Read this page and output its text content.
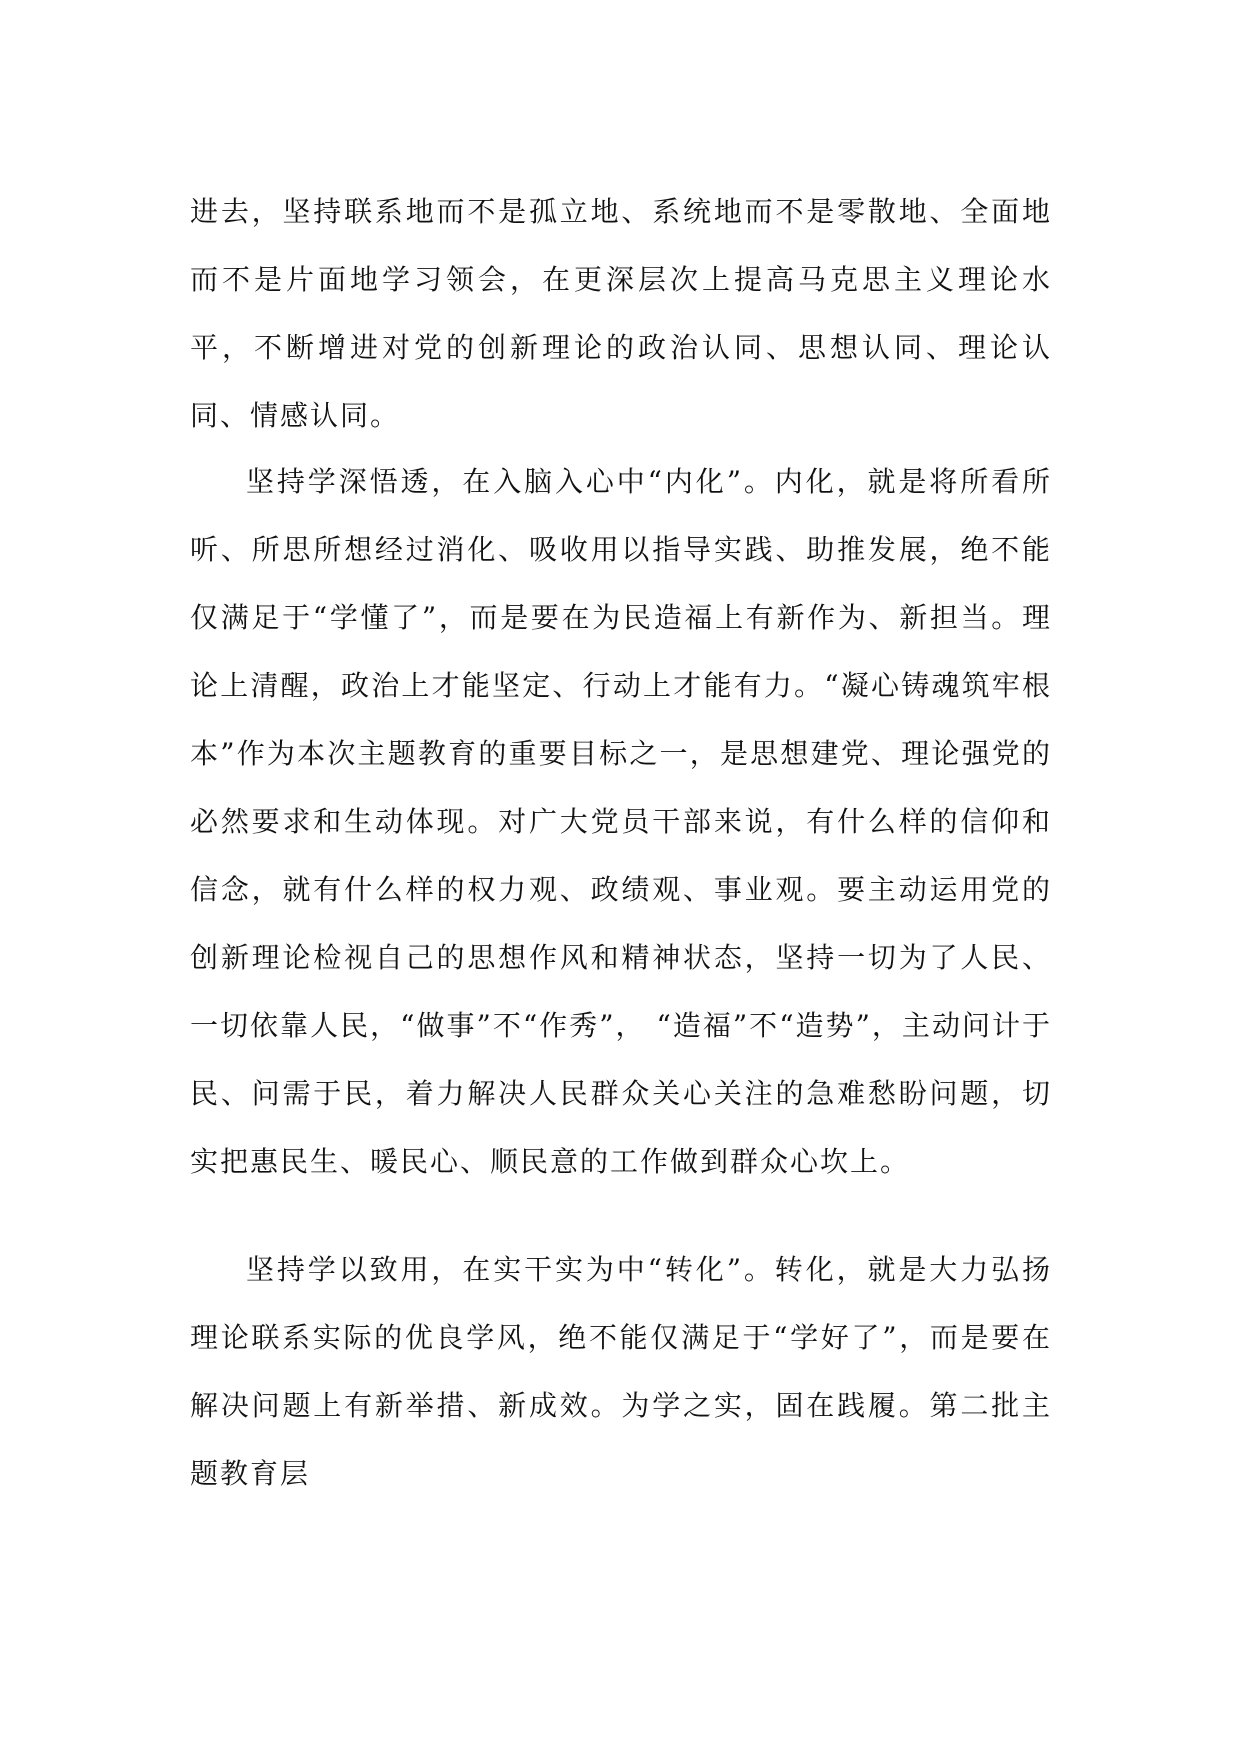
进去，坚持联系地而不是孤立地、系统地而不是零散地、全面地而不是片面地学习领会，在更深层次上提高马克思主义理论水平，不断增进对党的创新理论的政治认同、思想认同、理论认同、情感认同。

坚持学深悟透，在入脑入心中“内化”。内化，就是将所看所听、所思所想经过消化、吸收用以指导实践、助推发展，绝不能仅满足于“学懂了”，而是要在为民造福上有新作为、新担当。理论上清醒，政治上才能坚定、行动上才能有力。“凝心铸魂筑牢根本”作为本次主题教育的重要目标之一，是思想建党、理论强党的必然要求和生动体现。对广大党员干部来说，有什么样的信仰和信念，就有什么样的权力观、政绩观、事业观。要主动运用党的创新理论检视自己的思想作风和精神状态，坚持一切为了人民、 一切依靠人民，“做事”不“作秀”， “造福”不“造势”，主动问计于民、问需于民，着力解决人民群众关心关注的急难愁盼问题，切实把惠民生、暖民心、顺民意的工作做到群众心坎上。

坚持学以致用，在实干实为中“转化”。转化，就是大力弘扬理论联系实际的优良学风，绝不能仅满足于“学好了”，而是要在解决问题上有新举措、新成效。为学之实，固在践履。第二批主题教育层
